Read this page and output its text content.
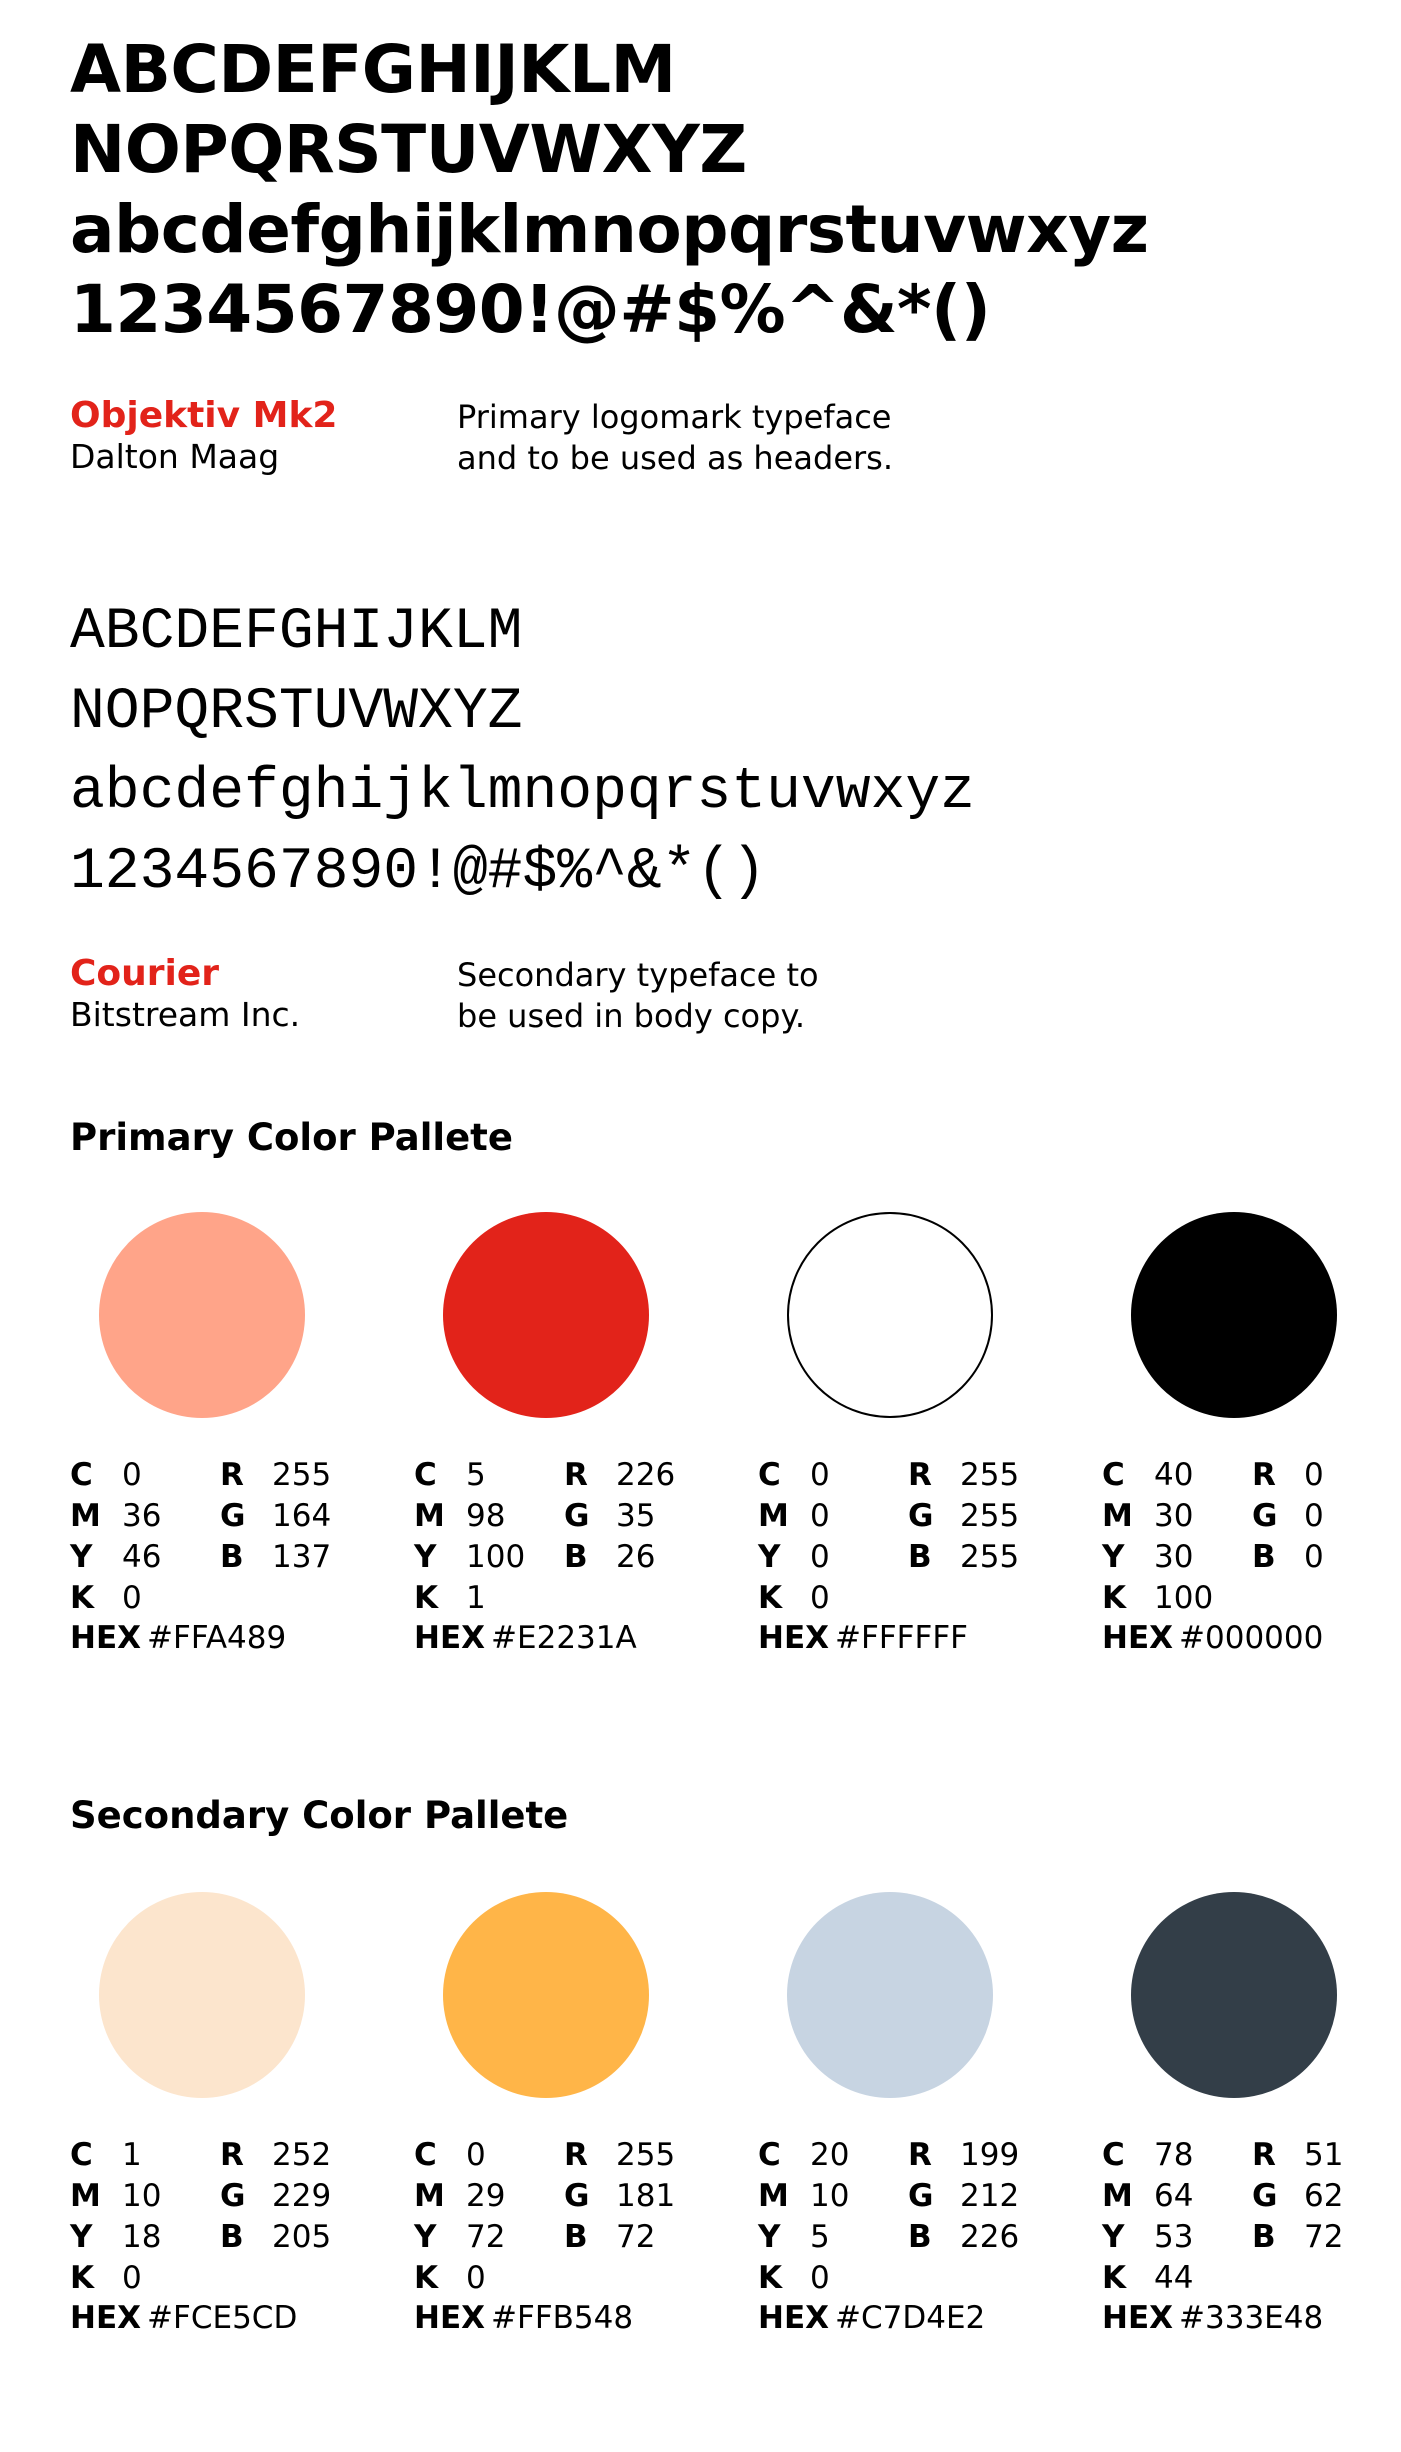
ABCDEFGHIJKLM
NOPQRSTUVWXYZ
abcdefghijklmnopqrstuvwxyz
1234567890!@#$%^&*()
Objektiv Mk2
Dalton Maag
Primary logomark typeface
and to be used as headers.
ABCDEFGHIJKLM
NOPQRSTUVWXYZ
abcdefghijklmnopqrstuvwxyz
1234567890!@#$%^&*()
Courier
Bitstream Inc.
Secondary typeface to
be used in body copy.
Primary Color Pallete
C 0
M 36
Y 46
K 0
R 255
G 164
B 137
HEX #FFA489
C 5
M 98
Y 100
K 1
R 226
G 35
B 26
HEX #E2231A
C 0
M 0
Y 0
K 0
R 255
G 255
B 255
HEX #FFFFFF
C 40
M 30
Y 30
K 100
R 0
G 0
B 0
HEX #000000
Secondary Color Pallete
C 1
M 10
Y 18
K 0
R 252
G 229
B 205
HEX #FCE5CD
C 0
M 29
Y 72
K 0
R 255
G 181
B 72
HEX #FFB548
C 20
M 10
Y 5
K 0
R 199
G 212
B 226
HEX #C7D4E2
C 78
M 64
Y 53
K 44
R 51
G 62
B 72
HEX #333E48
